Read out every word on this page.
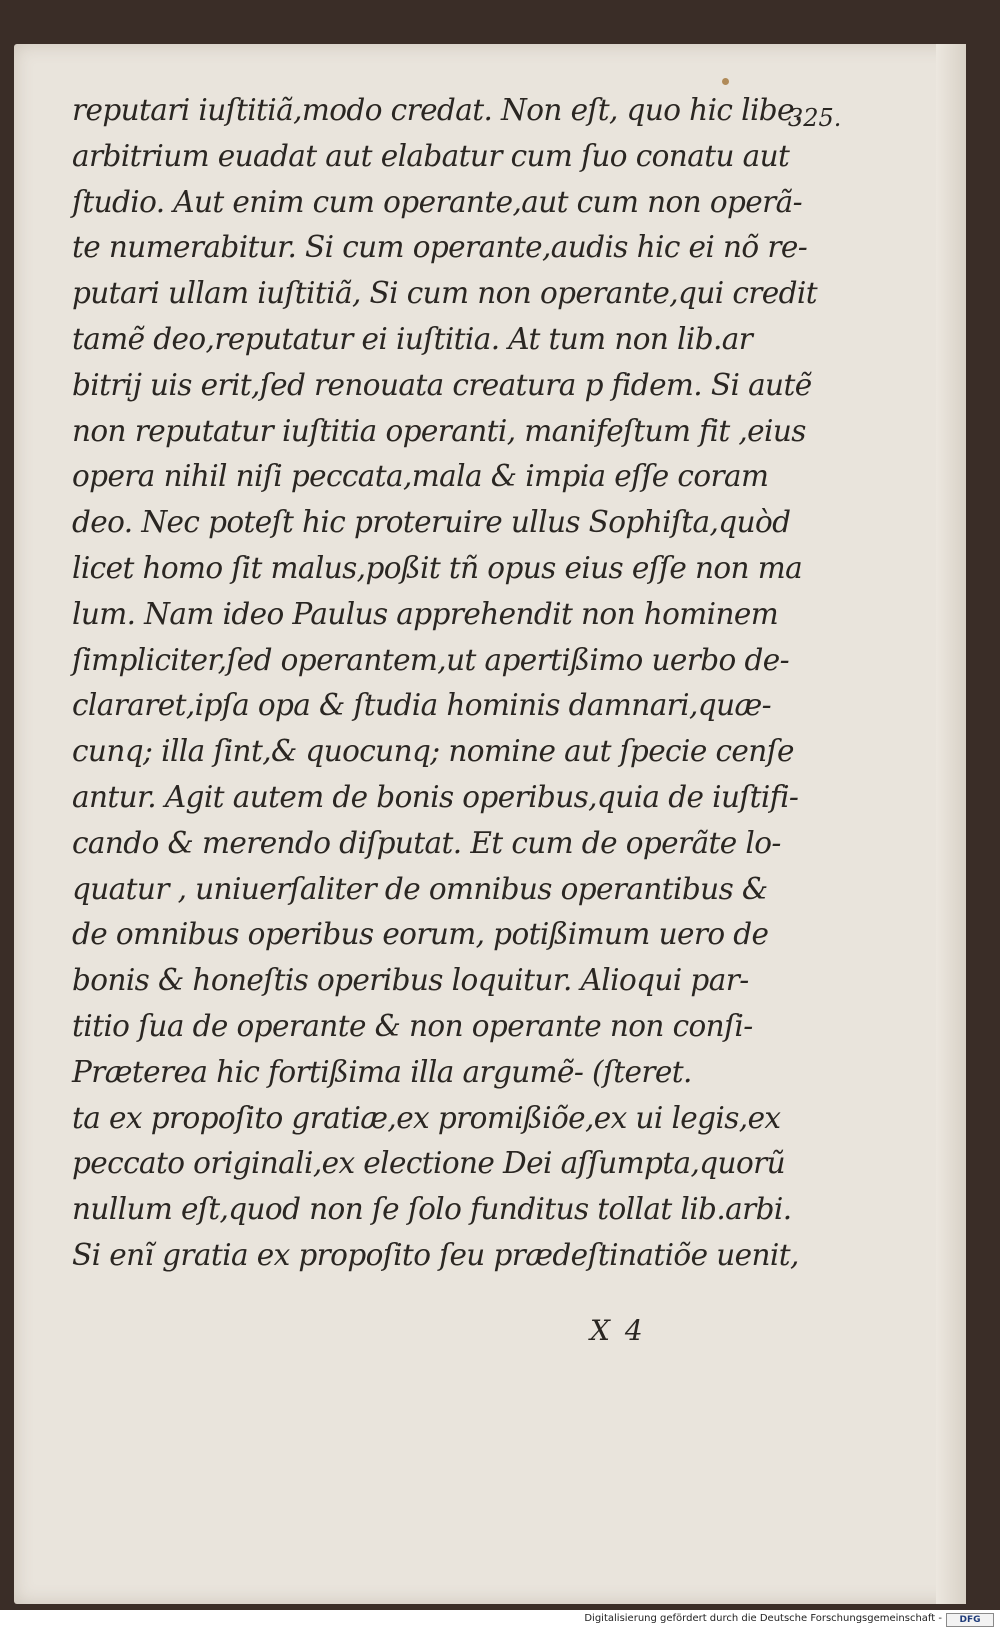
325.
reputari iuſtitiã,modo credat. Non eſt, quo hic libe.
arbitrium euadat aut elabatur cum ſuo conatu aut
ſtudio. Aut enim cum operante,aut cum non operã-
te numerabitur. Si cum operante,audis hic ei nõ re-
putari ullam iuſtitiã, Si cum non operante,qui credit
tamẽ deo,reputatur ei iuſtitia. At tum non lib.ar
bitrij uis erit,ſed renouata creatura p fidem. Si autẽ
non reputatur iuſtitia operanti, manifeſtum fit ,eius
opera nihil niſi peccata,mala & impia eſſe coram
deo. Nec poteſt hic proteruire ullus Sophiſta,quòd
licet homo ſit malus,poßit tñ opus eius eſſe non ma
lum. Nam ideo Paulus apprehendit non hominem
ſimpliciter,ſed operantem,ut apertißimo uerbo de-
clararet,ipſa opa & ſtudia hominis damnari,quæ-
cunq; illa ſint,& quocunq; nomine aut ſpecie cenſe
antur. Agit autem de bonis operibus,quia de iuſtifi-
cando & merendo diſputat. Et cum de operãte lo-
quatur , uniuerſaliter de omnibus operantibus &
de omnibus operibus eorum, potißimum uero de
bonis & honeſtis operibus loquitur. Alioqui par-
titio ſua de operante & non operante non conſi-
Præterea hic fortißima illa argumẽ- (ſteret.
ta ex propoſito gratiæ,ex promißiõe,ex ui legis,ex
peccato originali,ex electione Dei aſſumpta,quorũ
nullum eſt,quod non ſe ſolo funditus tollat lib.arbi.
Si enĩ gratia ex propoſito ſeu prædeſtinatiõe uenit,
X 4
Digitalisierung gefördert durch die Deutsche Forschungsgemeinschaft -	DFG
